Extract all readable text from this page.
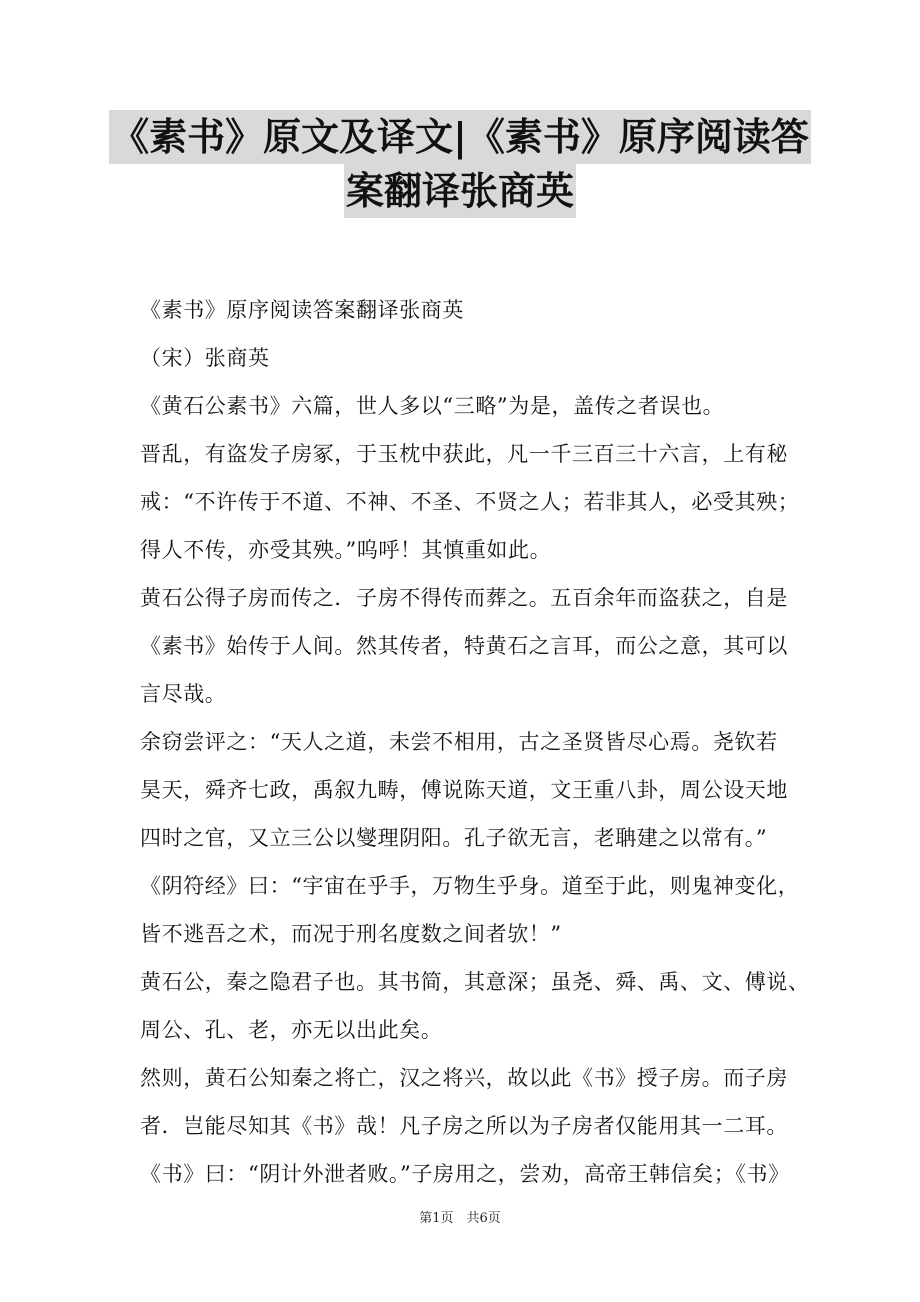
《素书》原文及译文|《素书》原序阅读答
案翻译张商英
《素书》原序阅读答案翻译张商英
（宋）张商英
《黄石公素书》六篇，世人多以“三略”为是，盖传之者误也。
晋乱，有盗发子房冢，于玉枕中获此，凡一千三百三十六言，上有秘
戒：“不许传于不道、不神、不圣、不贤之人；若非其人，必受其殃；
得人不传，亦受其殃。”呜呼！其慎重如此。
黄石公得子房而传之．子房不得传而葬之。五百余年而盗获之，自是
《素书》始传于人间。然其传者，特黄石之言耳，而公之意，其可以
言尽哉。
余窃尝评之：“天人之道，未尝不相用，古之圣贤皆尽心焉。尧钦若
昊天，舜齐七政，禹叙九畴，傅说陈天道，文王重八卦，周公设天地
四时之官，又立三公以燮理阴阳。孔子欲无言，老聃建之以常有。”
《阴符经》曰：“宇宙在乎手，万物生乎身。道至于此，则鬼神变化，
皆不逃吾之术，而况于刑名度数之间者欤！”
黄石公，秦之隐君子也。其书简，其意深；虽尧、舜、禹、文、傅说、
周公、孔、老，亦无以出此矣。
然则，黄石公知秦之将亡，汉之将兴，故以此《书》授子房。而子房
者．岂能尽知其《书》哉！凡子房之所以为子房者仅能用其一二耳。
《书》曰：“阴计外泄者败。”子房用之，尝劝，高帝王韩信矣；《书》
第1页　共6页
